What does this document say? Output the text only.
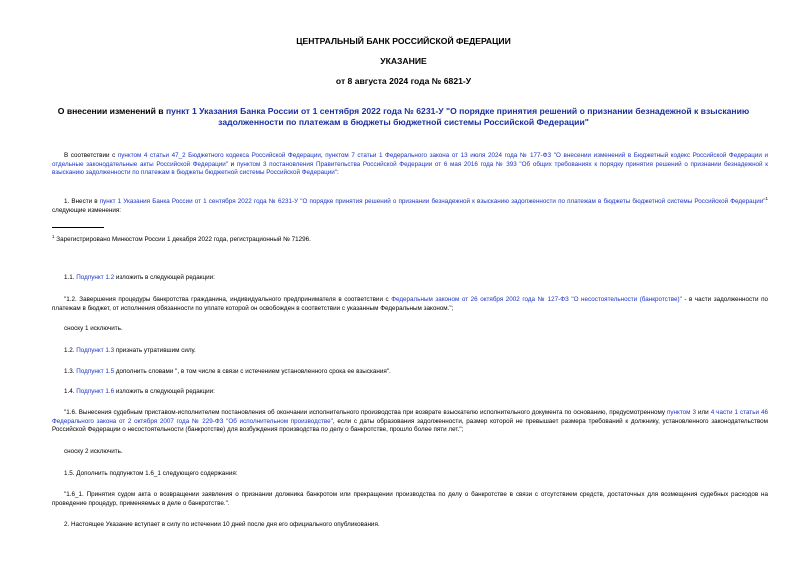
ЦЕНТРАЛЬНЫЙ БАНК РОССИЙСКОЙ ФЕДЕРАЦИИ
УКАЗАНИЕ
от 8 августа 2024 года № 6821-У
О внесении изменений в пункт 1 Указания Банка России от 1 сентября 2022 года № 6231-У "О порядке принятия решений о признании безнадежной к взысканию задолженности по платежам в бюджеты бюджетной системы Российской Федерации"
В соответствии с пунктом 4 статьи 47_2 Бюджетного кодекса Российской Федерации, пунктом 7 статьи 1 Федерального закона от 13 июля 2024 года № 177-ФЗ "О внесении изменений в Бюджетный кодекс Российской Федерации и отдельные законодательные акты Российской Федерации" и пунктом 3 постановления Правительства Российской Федерации от 6 мая 2016 года № 393 "Об общих требованиях к порядку принятия решений о признании безнадежной к взысканию задолженности по платежам в бюджеты бюджетной системы Российской Федерации":
1. Внести в пункт 1 Указания Банка России от 1 сентября 2022 года № 6231-У "О порядке принятия решений о признании безнадежной к взысканию задолженности по платежам в бюджеты бюджетной системы Российской Федерации"$^1$ следующие изменения:
$^1$ Зарегистрировано Минюстом России 1 декабря 2022 года, регистрационный № 71296.
1.1. Подпункт 1.2 изложить в следующей редакции:
"1.2. Завершения процедуры банкротства гражданина, индивидуального предпринимателя в соответствии с Федеральным законом от 26 октября 2002 года № 127-ФЗ "О несостоятельности (банкротстве)" - в части задолженности по платежам в бюджет, от исполнения обязанности по уплате которой он освобожден в соответствии с указанным Федеральным законом.";
сноску 1 исключить.
1.2. Подпункт 1.3 признать утратившим силу.
1.3. Подпункт 1.5 дополнить словами ", в том числе в связи с истечением установленного срока ее взыскания".
1.4. Подпункт 1.6 изложить в следующей редакции:
"1.6. Вынесения судебным приставом-исполнителем постановления об окончании исполнительного производства при возврате взыскателю исполнительного документа по основанию, предусмотренному пунктом 3 или 4 части 1 статьи 46 Федерального закона от 2 октября 2007 года № 229-ФЗ "Об исполнительном производстве", если с даты образования задолженности, размер которой не превышает размера требований к должнику, установленного законодательством Российской Федерации о несостоятельности (банкротстве) для возбуждения производства по делу о банкротстве, прошло более пяти лет.";
сноску 2 исключить.
1.5. Дополнить подпунктом 1.6_1 следующего содержания:
"1.6_1. Принятия судом акта о возвращении заявления о признании должника банкротом или прекращении производства по делу о банкротстве в связи с отсутствием средств, достаточных для возмещения судебных расходов на проведение процедур, применяемых в деле о банкротстве.".
2. Настоящее Указание вступает в силу по истечении 10 дней после дня его официального опубликования.
